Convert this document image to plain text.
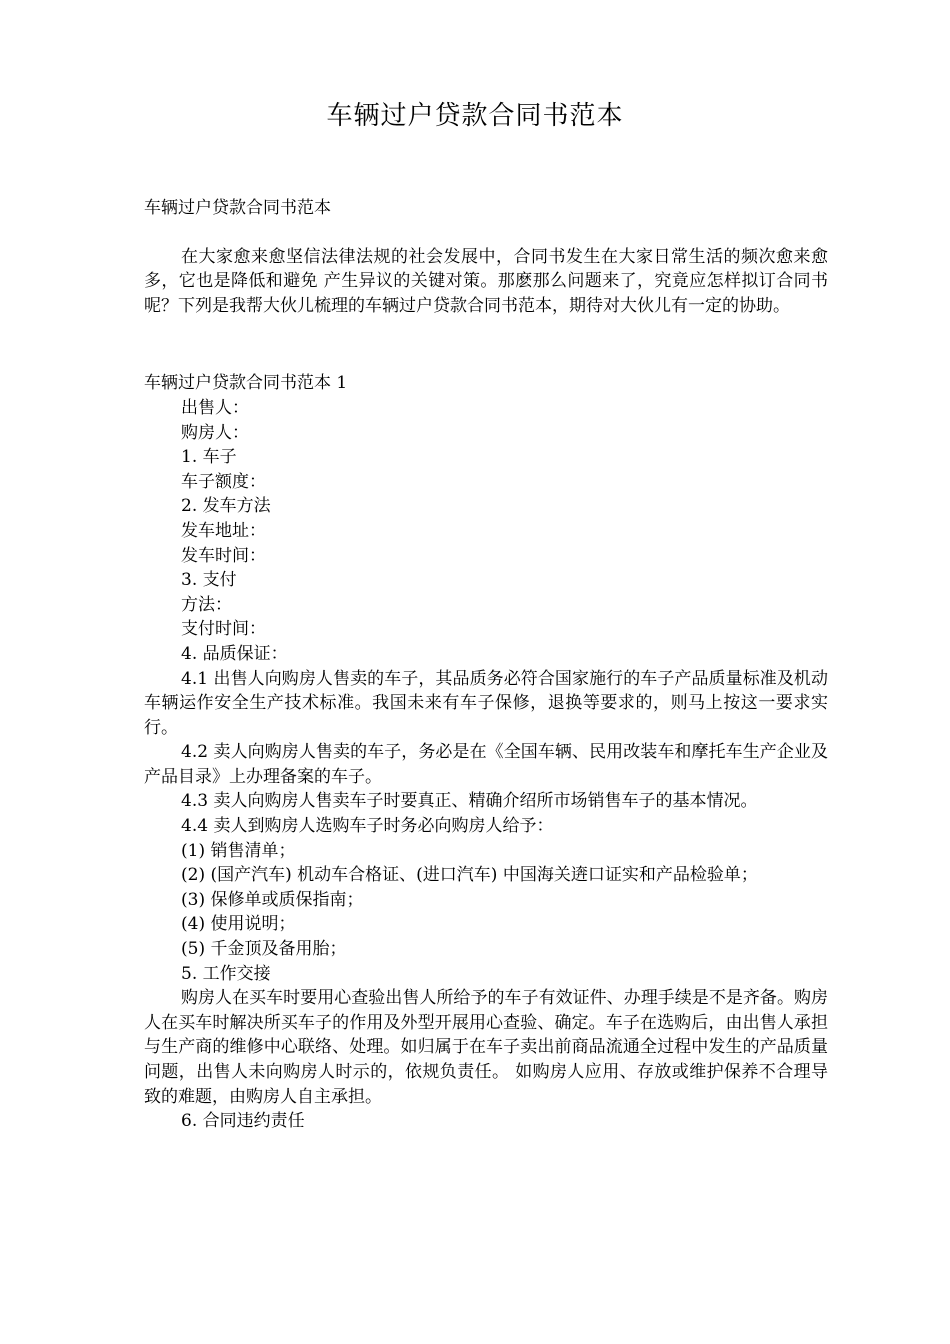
车辆过户贷款合同书范本

车辆过户贷款合同书范本

在大家愈来愈坚信法律法规的社会发展中，合同书发生在大家日常生活的频次愈来愈多，它也是降低和避免 产生异议的关键对策。那麽那么问题来了，究竟应怎样拟订合同书呢？下列是我帮大伙儿梳理的车辆过户贷款合同书范本，期待对大伙儿有一定的协助。

车辆过户贷款合同书范本 1

出售人：

购房人：

1. 车子

车子额度：

2. 发车方法

发车地址：

发车时间：

3. 支付

方法：

支付时间：

4. 品质保证：

4.1 出售人向购房人售卖的车子，其品质务必符合国家施行的车子产品质量标准及机动车辆运作安全生产技术标准。我国未来有车子保修，退换等要求的，则马上按这一要求实行。

4.2 卖人向购房人售卖的车子，务必是在《全国车辆、民用改装车和摩托车生产企业及产品目录》上办理备案的车子。

4.3 卖人向购房人售卖车子时要真正、精确介绍所市场销售车子的基本情况。

4.4 卖人到购房人选购车子时务必向购房人给予：

(1) 销售清单；

(2) (国产汽车) 机动车合格证、(进口汽车) 中国海关逩口证实和产品检验单；

(3) 保修单或质保指南；

(4) 使用说明；

(5) 千金顶及备用胎；

5. 工作交接

购房人在买车时要用心查验出售人所给予的车子有效证件、办理手续是不是齐备。购房人在买车时解决所买车子的作用及外型开展用心查验、确定。车子在选购后，由出售人承担与生产商的维修中心联络、处理。如归属于在车子卖出前商品流通全过程中发生的产品质量问题，出售人未向购房人时示的，依规负责任。 如购房人应用、存放或维护保养不合理导致的难题，由购房人自主承担。

6. 合同违约责任
